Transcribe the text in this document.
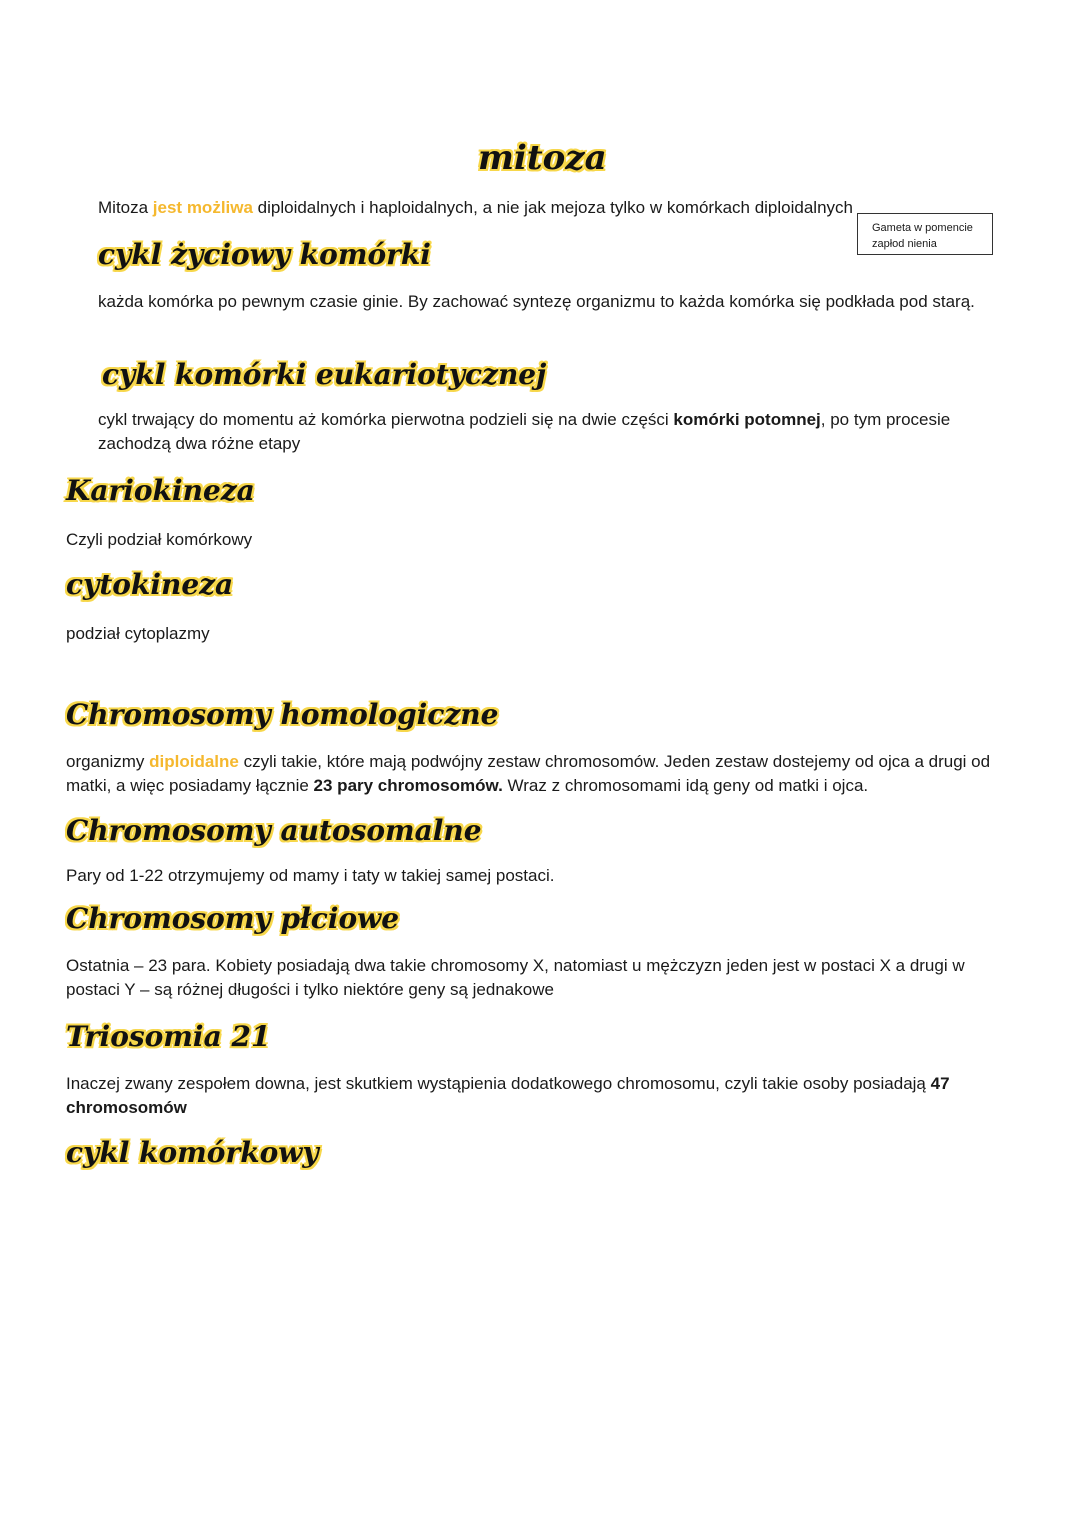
mitoza
Mitoza jest możliwa diploidalnych i haploidalnych, a nie jak mejoza tylko w komórkach diploidalnych
Gameta w pomencie
zapłod nienia
cykl życiowy komórki
każda komórka po pewnym czasie ginie. By zachować syntezę organizmu to każda komórka się podkłada pod starą.
cykl komórki eukariotycznej
cykl trwający do momentu aż komórka pierwotna podzieli się na dwie części komórki potomnej, po tym procesie zachodzą dwa różne etapy
Kariokineza
Czyli podział komórkowy
cytokineza
podział cytoplazmy
Chromosomy homologiczne
organizmy diploidalne czyli takie, które mają podwójny zestaw chromosomów. Jeden zestaw dostejemy od ojca a drugi od matki, a więc posiadamy łącznie 23 pary chromosomów. Wraz z chromosomami idą geny od matki i ojca.
Chromosomy autosomalne
Pary od 1-22 otrzymujemy od mamy i taty w takiej samej postaci.
Chromosomy płciowe
Ostatnia – 23 para. Kobiety posiadają dwa takie chromosomy X, natomiast u mężczyzn jeden jest w postaci X a drugi w postaci Y – są różnej długości i tylko niektóre geny są jednakowe
Triosomia 21
Inaczej zwany zespołem downa, jest skutkiem wystąpienia dodatkowego chromosomu, czyli takie osoby posiadają 47 chromosomów
cykl komórkowy
